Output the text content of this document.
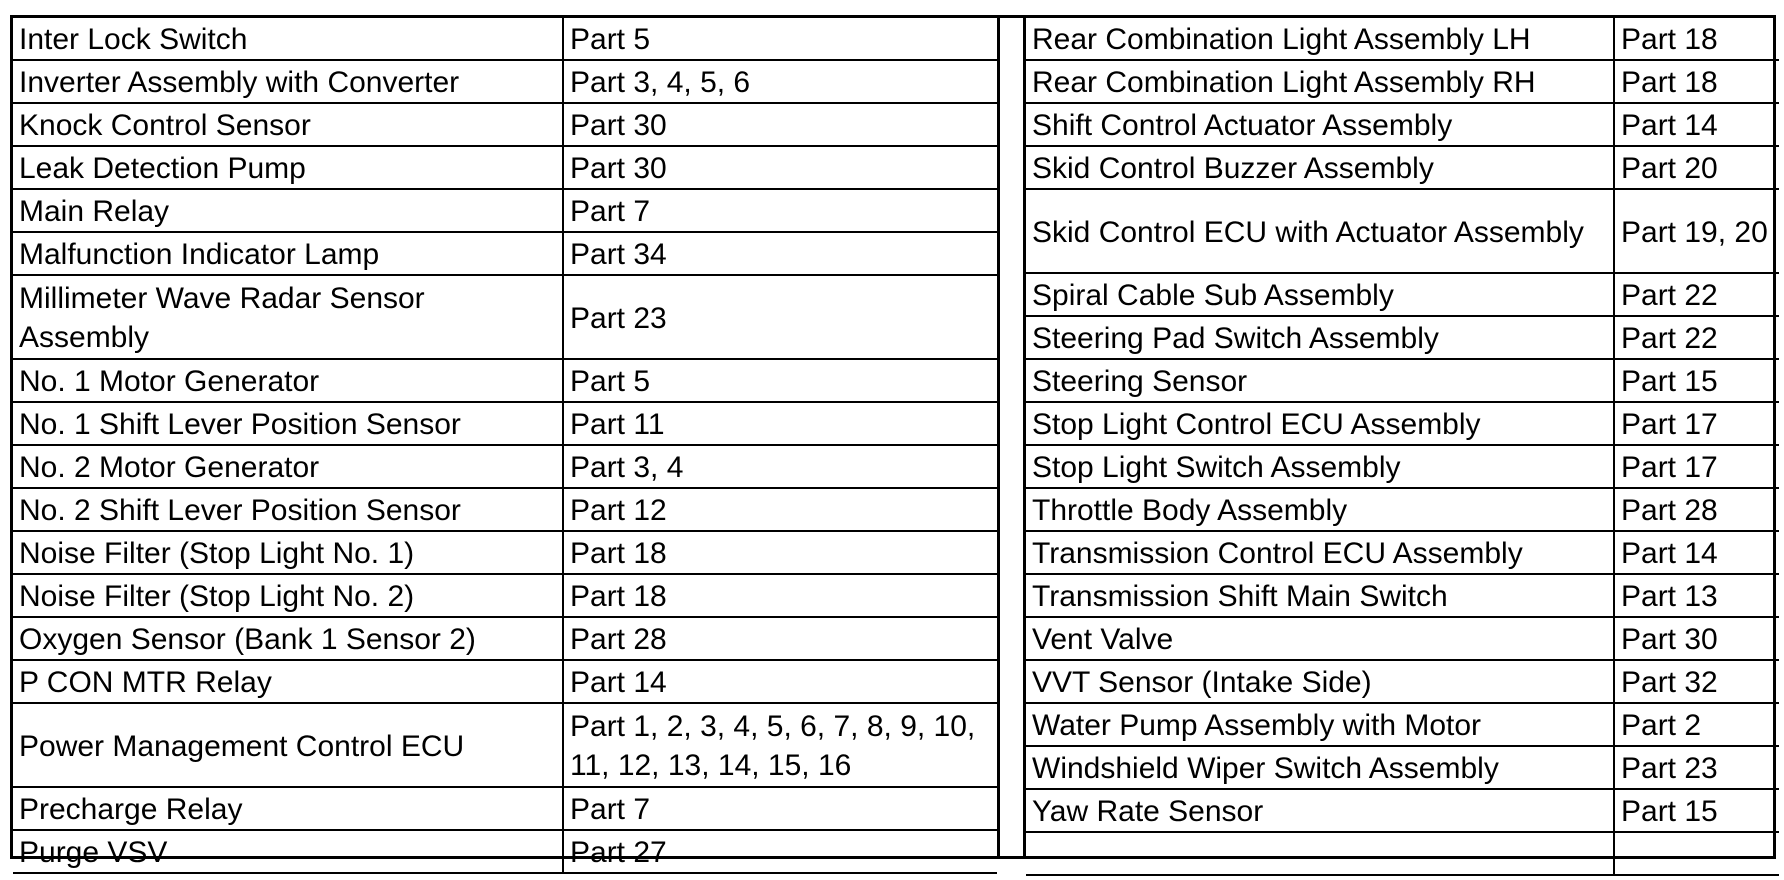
Inter Lock Switch	Part 5
Inverter Assembly with Converter	Part 3, 4, 5, 6
Knock Control Sensor	Part 30
Leak Detection Pump	Part 30
Main Relay	Part 7
Malfunction Indicator Lamp	Part 34
Millimeter Wave Radar Sensor Assembly	Part 23
No. 1 Motor Generator	Part 5
No. 1 Shift Lever Position Sensor	Part 11
No. 2 Motor Generator	Part 3, 4
No. 2 Shift Lever Position Sensor	Part 12
Noise Filter (Stop Light No. 1)	Part 18
Noise Filter (Stop Light No. 2)	Part 18
Oxygen Sensor (Bank 1 Sensor 2)	Part 28
P CON MTR Relay	Part 14
Power Management Control ECU	Part 1, 2, 3, 4, 5, 6, 7, 8, 9, 10, 11, 12, 13, 14, 15, 16
Precharge Relay	Part 7
Purge VSV	Part 27
Rear Combination Light Assembly LH	Part 18
Rear Combination Light Assembly RH	Part 18
Shift Control Actuator Assembly	Part 14
Skid Control Buzzer Assembly	Part 20
Skid Control ECU with Actuator Assembly	Part 19, 20
Spiral Cable Sub Assembly	Part 22
Steering Pad Switch Assembly	Part 22
Steering Sensor	Part 15
Stop Light Control ECU Assembly	Part 17
Stop Light Switch Assembly	Part 17
Throttle Body Assembly	Part 28
Transmission Control ECU Assembly	Part 14
Transmission Shift Main Switch	Part 13
Vent Valve	Part 30
VVT Sensor (Intake Side)	Part 32
Water Pump Assembly with Motor	Part 2
Windshield Wiper Switch Assembly	Part 23
Yaw Rate Sensor	Part 15
